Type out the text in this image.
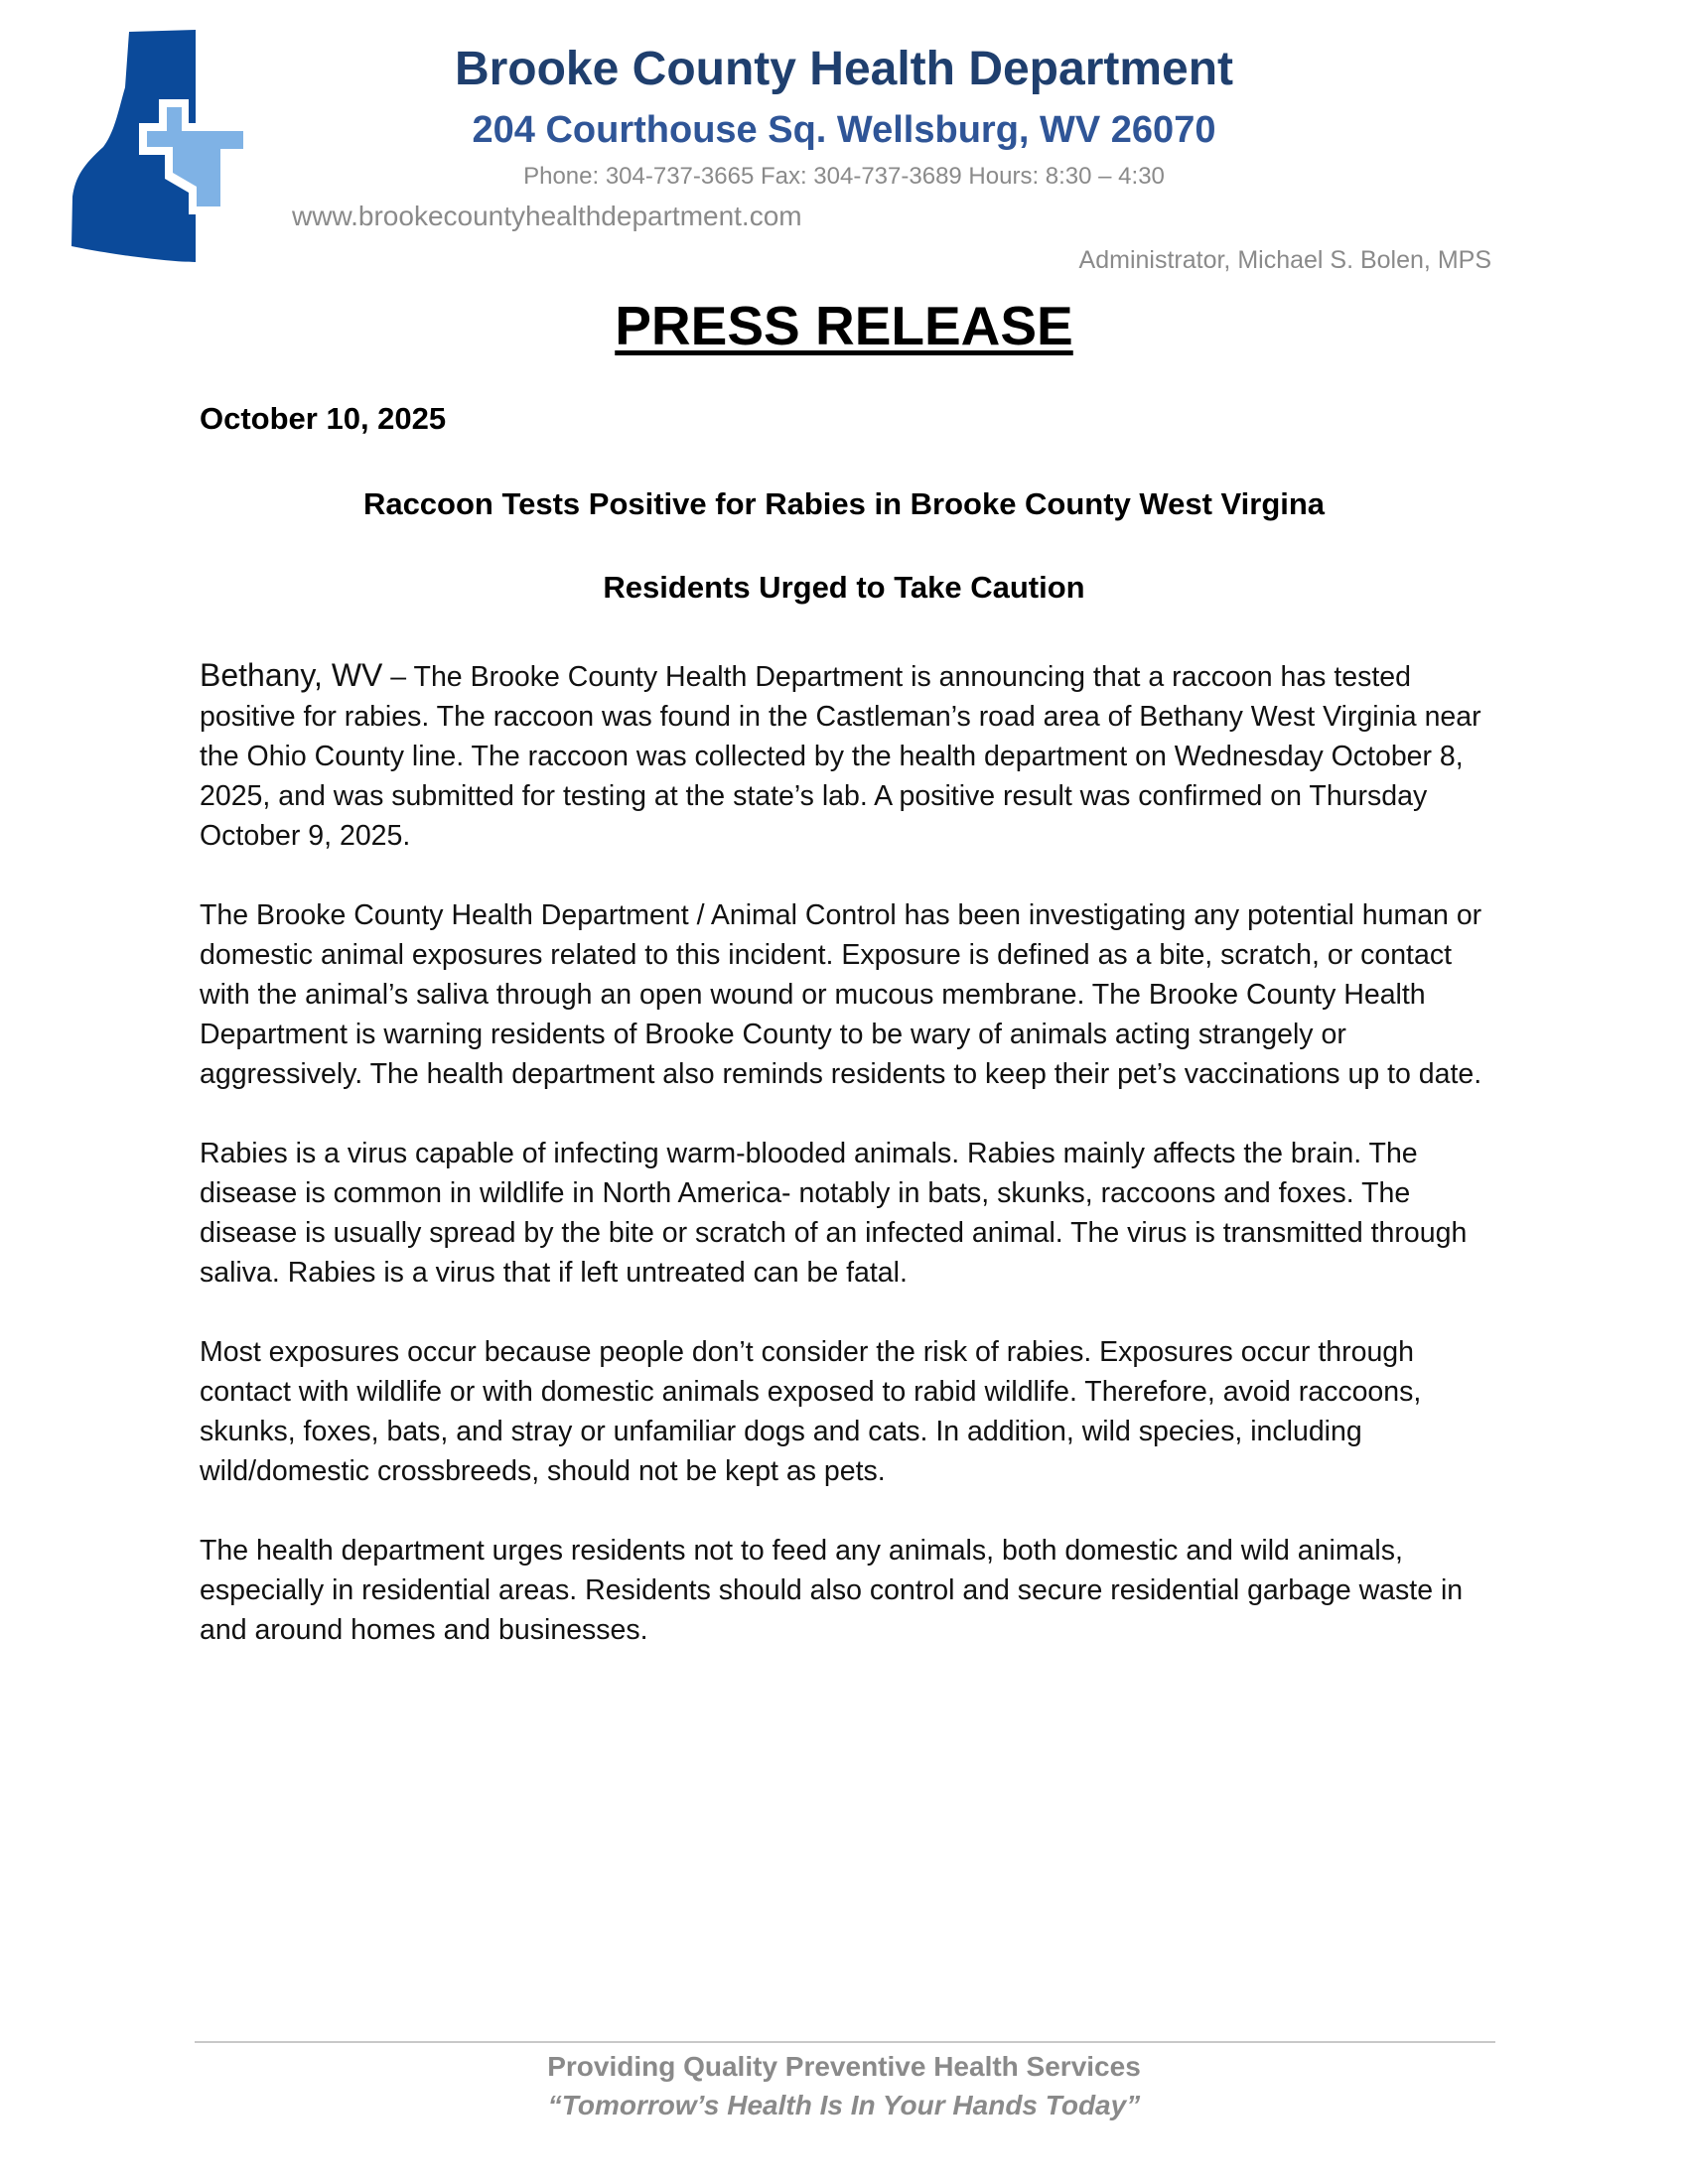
Brooke County Health Department
204 Courthouse Sq. Wellsburg, WV 26070
Phone: 304-737-3665 Fax: 304-737-3689 Hours: 8:30 – 4:30
www.brookecountyhealthdepartment.com
Administrator, Michael S. Bolen, MPS
PRESS RELEASE
October 10, 2025
Raccoon Tests Positive for Rabies in Brooke County West Virgina
Residents Urged to Take Caution

Bethany, WV – The Brooke County Health Department is announcing that a raccoon has tested positive for rabies. The raccoon was found in the Castleman’s road area of Bethany West Virginia near the Ohio County line. The raccoon was collected by the health department on Wednesday October 8, 2025, and was submitted for testing at the state’s lab. A positive result was confirmed on Thursday October 9, 2025.

The Brooke County Health Department / Animal Control has been investigating any potential human or domestic animal exposures related to this incident. Exposure is defined as a bite, scratch, or contact with the animal’s saliva through an open wound or mucous membrane. The Brooke County Health Department is warning residents of Brooke County to be wary of animals acting strangely or aggressively. The health department also reminds residents to keep their pet’s vaccinations up to date.

Rabies is a virus capable of infecting warm-blooded animals. Rabies mainly affects the brain. The disease is common in wildlife in North America- notably in bats, skunks, raccoons and foxes. The disease is usually spread by the bite or scratch of an infected animal. The virus is transmitted through saliva. Rabies is a virus that if left untreated can be fatal.

Most exposures occur because people don’t consider the risk of rabies. Exposures occur through contact with wildlife or with domestic animals exposed to rabid wildlife. Therefore, avoid raccoons, skunks, foxes, bats, and stray or unfamiliar dogs and cats. In addition, wild species, including wild/domestic crossbreeds, should not be kept as pets.

The health department urges residents not to feed any animals, both domestic and wild animals, especially in residential areas. Residents should also control and secure residential garbage waste in and around homes and businesses.

Providing Quality Preventive Health Services
“Tomorrow’s Health Is In Your Hands Today”
